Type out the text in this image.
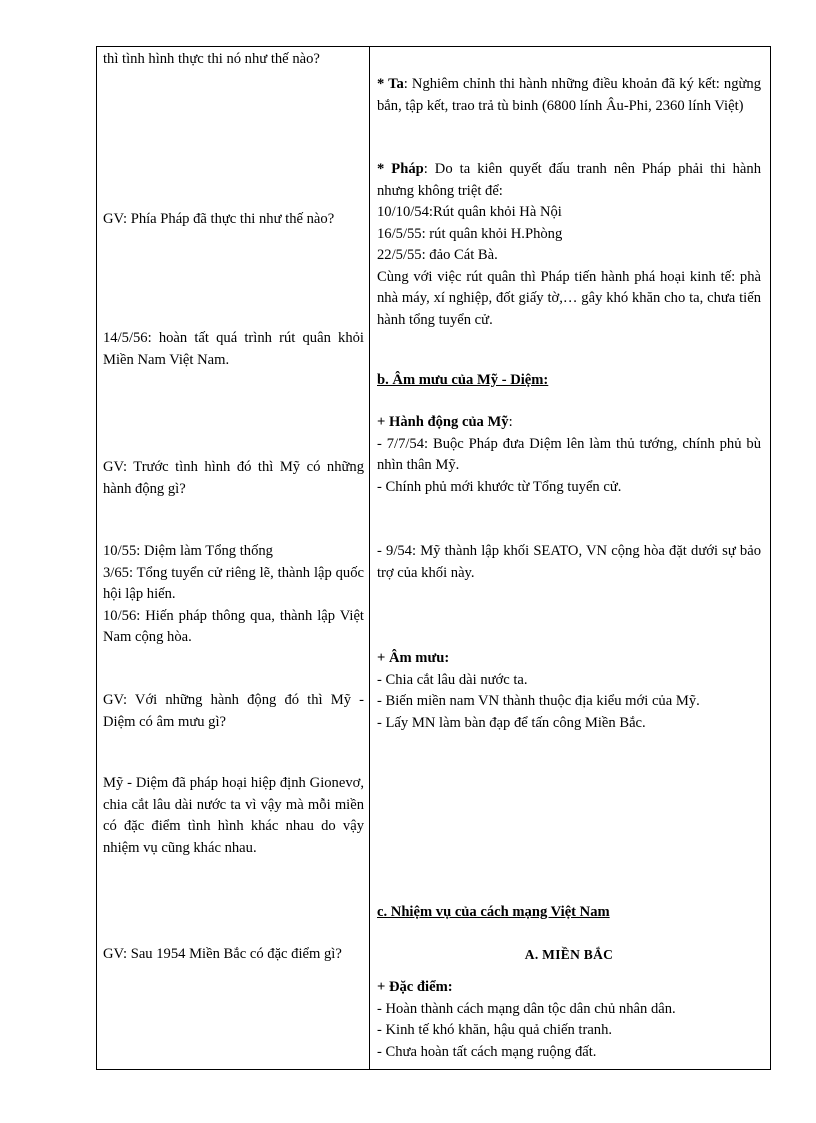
thì tình hình thực thi nó như thế nào?

GV: Phía Pháp đã thực thi như thế nào?

14/5/56: hoàn tất quá trình rút quân khỏi Miền Nam Việt Nam.

GV: Trước tình hình đó thì Mỹ có những hành động gì?

10/55: Diệm làm Tổng thống

3/65: Tổng tuyển cử riêng lẽ, thành lập quốc hội lập hiến.

10/56: Hiến pháp thông qua, thành lập Việt Nam cộng hòa.

GV: Với những hành động đó thì Mỹ - Diệm có âm mưu gì?

Mỹ - Diệm đã pháp hoại hiệp định Gionevơ, chia cắt lâu dài nước ta vì vậy mà mỗi miền có đặc điểm tình hình khác nhau do vậy nhiệm vụ cũng khác nhau.

GV: Sau 1954 Miền Bắc có đặc điểm gì?

* Ta: Nghiêm chỉnh thi hành những điều khoản đã ký kết: ngừng bắn, tập kết, trao trả tù binh (6800 lính Âu-Phi, 2360 lính Việt)

* Pháp: Do ta kiên quyết đấu tranh nên Pháp phải thi hành nhưng không triệt để:

10/10/54:Rút quân khỏi Hà Nội

16/5/55: rút quân khỏi H.Phòng

22/5/55: đảo Cát Bà.

Cùng với việc rút quân thì Pháp tiến hành phá hoại kinh tế: phà nhà máy, xí nghiệp, đốt giấy tờ,… gây khó khăn cho ta, chưa tiến hành tổng tuyển cử.

b. Âm mưu của Mỹ - Diệm:

+ Hành động của Mỹ:

- 7/7/54: Buộc Pháp đưa Diệm lên làm thủ tướng, chính phủ bù nhìn thân Mỹ.

- Chính phủ mới khước từ Tổng tuyển cử.

- 9/54: Mỹ thành lập khối SEATO, VN cộng hòa đặt dưới sự bảo trợ của khối này.

+ Âm mưu:

- Chia cắt lâu dài nước ta.

- Biến miền nam VN thành thuộc địa kiểu mới của Mỹ.

- Lấy MN làm bàn đạp để tấn công Miền Bắc.

c. Nhiệm vụ của cách mạng Việt Nam

A. MIỀN BẮC

+ Đặc điểm:

- Hoàn thành cách mạng dân tộc dân chủ nhân dân.

- Kinh tế khó khăn, hậu quả chiến tranh.

- Chưa hoàn tất cách mạng ruộng đất.
